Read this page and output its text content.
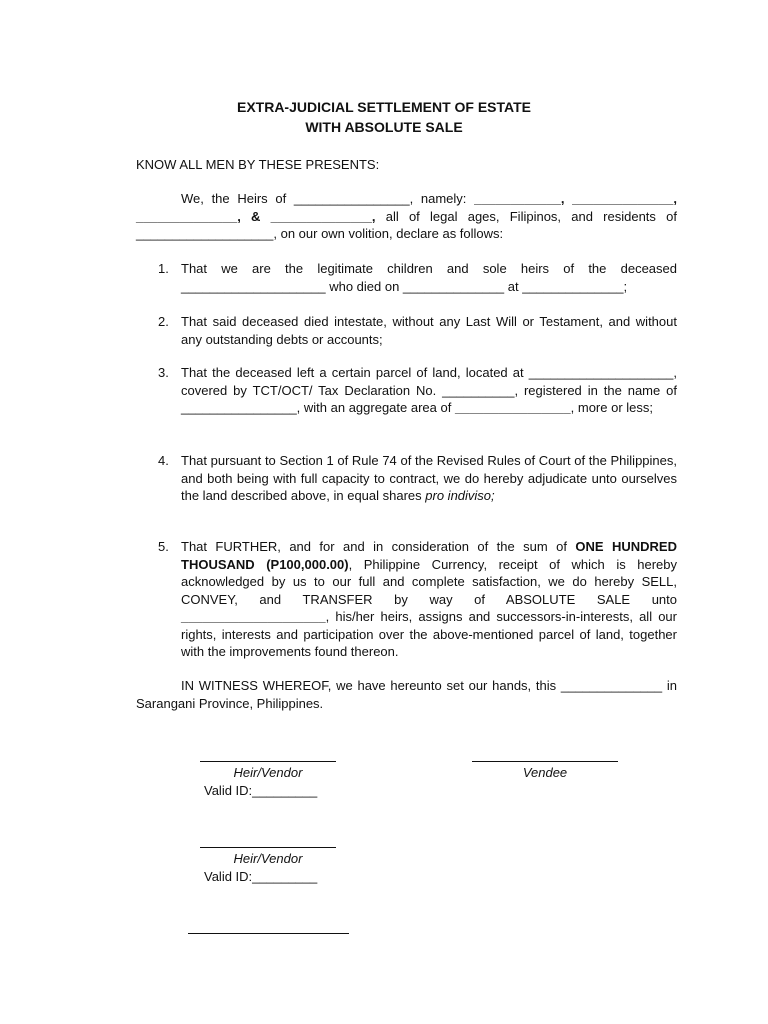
EXTRA-JUDICIAL SETTLEMENT OF ESTATE
WITH ABSOLUTE SALE
KNOW ALL MEN BY THESE PRESENTS:
We, the Heirs of ________________, namely: ____________, ______________, ______________, & ______________, all of legal ages, Filipinos, and residents of ___________________, on our own volition, declare as follows:
1. That we are the legitimate children and sole heirs of the deceased ____________________ who died on ______________ at ______________;
2. That said deceased died intestate, without any Last Will or Testament, and without any outstanding debts or accounts;
3. That the deceased left a certain parcel of land, located at ____________________, covered by TCT/OCT/ Tax Declaration No. __________, registered in the name of ________________, with an aggregate area of ________________, more or less;
4. That pursuant to Section 1 of Rule 74 of the Revised Rules of Court of the Philippines, and both being with full capacity to contract, we do hereby adjudicate unto ourselves the land described above, in equal shares pro indiviso;
5. That FURTHER, and for and in consideration of the sum of ONE HUNDRED THOUSAND (P100,000.00), Philippine Currency, receipt of which is hereby acknowledged by us to our full and complete satisfaction, we do hereby SELL, CONVEY, and TRANSFER by way of ABSOLUTE SALE unto ____________________, his/her heirs, assigns and successors-in-interests, all our rights, interests and participation over the above-mentioned parcel of land, together with the improvements found thereon.
IN WITNESS WHEREOF, we have hereunto set our hands, this ______________ in Sarangani Province, Philippines.
Heir/Vendor
Valid ID:_________
Vendee
Heir/Vendor
Valid ID:_________
